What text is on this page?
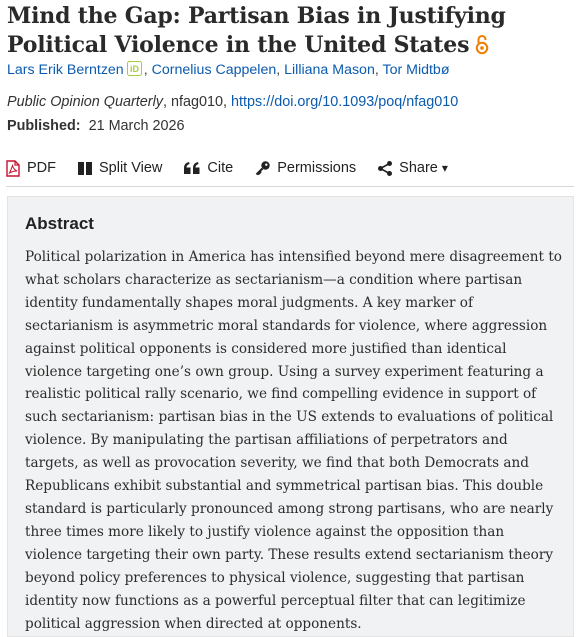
Mind the Gap: Partisan Bias in Justifying Political Violence in the United States
Lars Erik Berntzen iD , Cornelius Cappelen, Lilliana Mason, Tor Midtbø
Public Opinion Quarterly, nfag010, https://doi.org/10.1093/poq/nfag010
Published: 21 March 2026
PDF	Split View	Cite	Permissions	Share ▾
Abstract

Political polarization in America has intensified beyond mere disagreement to what scholars characterize as sectarianism—a condition where partisan identity fundamentally shapes moral judgments. A key marker of sectarianism is asymmetric moral standards for violence, where aggression against political opponents is considered more justified than identical violence targeting one’s own group. Using a survey experiment featuring a realistic political rally scenario, we find compelling evidence in support of such sectarianism: partisan bias in the US extends to evaluations of political violence. By manipulating the partisan affiliations of perpetrators and targets, as well as provocation severity, we find that both Democrats and Republicans exhibit substantial and symmetrical partisan bias. This double standard is particularly pronounced among strong partisans, who are nearly three times more likely to justify violence against the opposition than violence targeting their own party. These results extend sectarianism theory beyond policy preferences to physical violence, suggesting that partisan identity now functions as a powerful perceptual filter that can legitimize political aggression when directed at opponents.
